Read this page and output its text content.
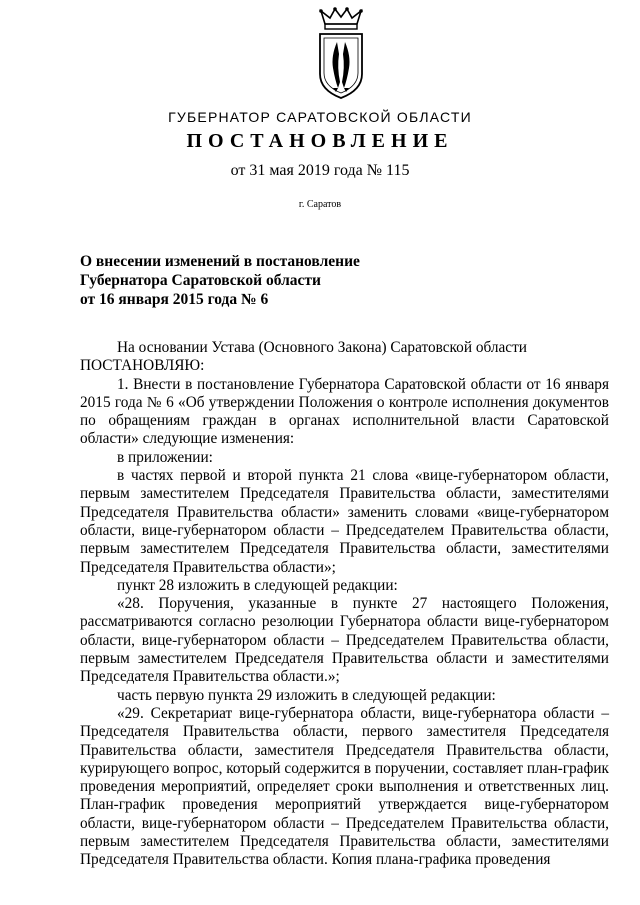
ГУБЕРНАТОР САРАТОВСКОЙ ОБЛАСТИ
ПОСТАНОВЛЕНИЕ
от 31 мая 2019 года № 115
г. Саратов
О внесении изменений в постановление
Губернатора Саратовской области
от 16 января 2015 года № 6

На основании Устава (Основного Закона) Саратовской области

ПОСТАНОВЛЯЮ:

1. Внести в постановление Губернатора Саратовской области от 16 января 2015 года № 6 «Об утверждении Положения о контроле исполнения документов по обращениям граждан в органах исполнительной власти Саратовской области» следующие изменения:

в приложении:

в частях первой и второй пункта 21 слова «вице-губернатором области, первым заместителем Председателя Правительства области, заместителями Председателя Правительства области» заменить словами «вице-губернатором области, вице-губернатором области – Председателем Правительства области, первым заместителем Председателя Правительства области, заместителями Председателя Правительства области»;

пункт 28 изложить в следующей редакции:

«28. Поручения, указанные в пункте 27 настоящего Положения, рассматриваются согласно резолюции Губернатора области вице-губернатором области, вице-губернатором области – Председателем Правительства области, первым заместителем Председателя Правительства области и заместителями Председателя Правительства области.»;

часть первую пункта 29 изложить в следующей редакции:

«29. Секретариат вице-губернатора области, вице-губернатора области – Председателя Правительства области, первого заместителя Председателя Правительства области, заместителя Председателя Правительства области, курирующего вопрос, который содержится в поручении, составляет план-график проведения мероприятий, определяет сроки выполнения и ответственных лиц. План-график проведения мероприятий утверждается вице-губернатором области, вице-губернатором области – Председателем Правительства области, первым заместителем Председателя Правительства области, заместителями Председателя Правительства области. Копия плана-графика проведения
